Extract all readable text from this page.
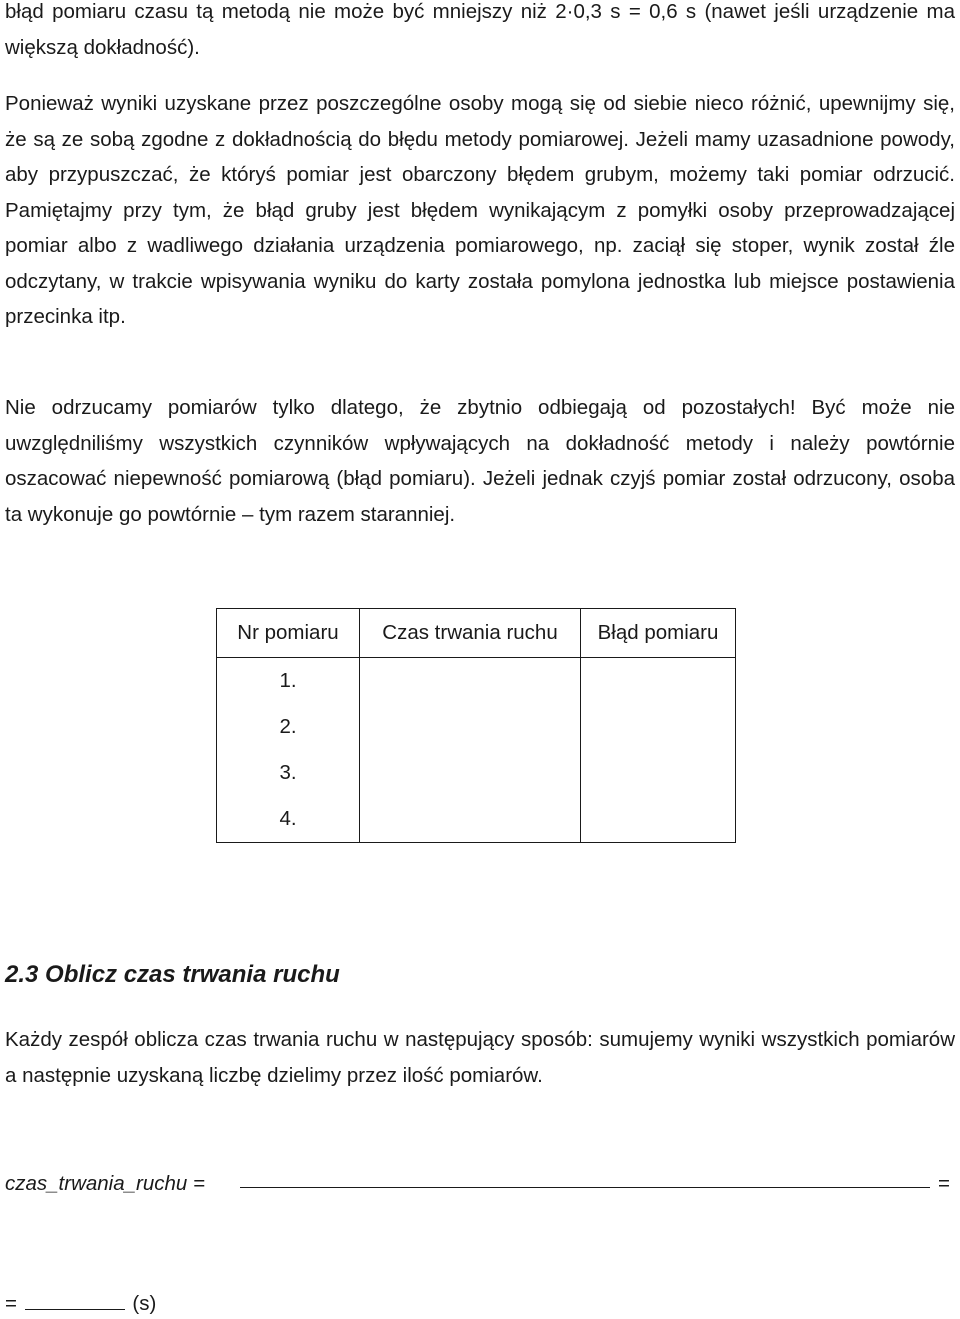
błąd pomiaru czasu tą metodą nie może być mniejszy niż 2·0,3 s = 0,6 s (nawet jeśli urządzenie ma większą dokładność).

Ponieważ wyniki uzyskane przez poszczególne osoby mogą się od siebie nieco różnić, upewnijmy się, że są ze sobą zgodne z dokładnością do błędu metody pomiarowej. Jeżeli mamy uzasadnione powody, aby przypuszczać, że któryś pomiar jest obarczony błędem grubym, możemy taki pomiar odrzucić. Pamiętajmy przy tym, że błąd gruby jest błędem wynikającym z pomyłki osoby przeprowadzającej pomiar albo z wadliwego działania urządzenia pomiarowego, np. zaciął się stoper, wynik został źle odczytany, w trakcie wpisywania wyniku do karty została pomylona jednostka lub miejsce postawienia przecinka itp.

Nie odrzucamy pomiarów tylko dlatego, że zbytnio odbiegają od pozostałych! Być może nie uwzględniliśmy wszystkich czynników wpływających na dokładność metody i należy powtórnie oszacować niepewność pomiarową (błąd pomiaru). Jeżeli jednak czyjś pomiar został odrzucony, osoba ta wykonuje go powtórnie – tym razem staranniej.

Nr pomiaru	Czas trwania ruchu	Błąd pomiaru
1.		
2.		
3.		
4.		
2.3 Oblicz czas trwania ruchu

Każdy zespół oblicza czas trwania ruchu w następujący sposób: sumujemy wyniki wszystkich pomiarów a następnie uzyskaną liczbę dzielimy przez ilość pomiarów.

czas_trwania_ruchu =	=
=	(s)
